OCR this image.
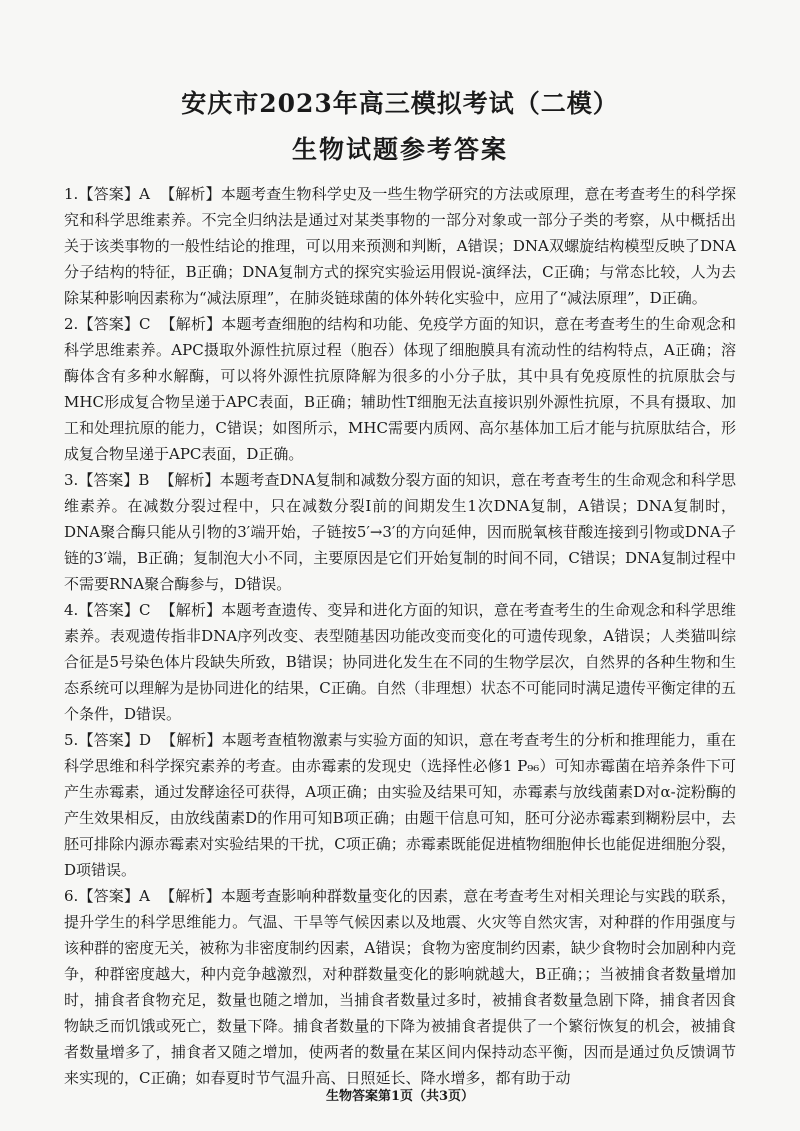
安庆市2023年高三模拟考试（二模）
生物试题参考答案

1.【答案】A 【解析】本题考查生物科学史及一些生物学研究的方法或原理，意在考查考生的科学探究和科学思维素养。不完全归纳法是通过对某类事物的一部分对象或一部分子类的考察，从中概括出关于该类事物的一般性结论的推理，可以用来预测和判断，A错误；DNA双螺旋结构模型反映了DNA分子结构的特征，B正确；DNA复制方式的探究实验运用假说-演绎法，C正确；与常态比较，人为去除某种影响因素称为“减法原理”，在肺炎链球菌的体外转化实验中，应用了“减法原理”，D正确。

2.【答案】C 【解析】本题考查细胞的结构和功能、免疫学方面的知识，意在考查考生的生命观念和科学思维素养。APC摄取外源性抗原过程（胞吞）体现了细胞膜具有流动性的结构特点，A正确；溶酶体含有多种水解酶，可以将外源性抗原降解为很多的小分子肽，其中具有免疫原性的抗原肽会与MHC形成复合物呈递于APC表面，B正确；辅助性T细胞无法直接识别外源性抗原，不具有摄取、加工和处理抗原的能力，C错误；如图所示，MHC需要内质网、高尔基体加工后才能与抗原肽结合，形成复合物呈递于APC表面，D正确。

3.【答案】B 【解析】本题考查DNA复制和减数分裂方面的知识，意在考查考生的生命观念和科学思维素养。在减数分裂过程中，只在减数分裂Ⅰ前的间期发生1次DNA复制，A错误；DNA复制时，DNA聚合酶只能从引物的3′端开始，子链按5′→3′的方向延伸，因而脱氧核苷酸连接到引物或DNA子链的3′端，B正确；复制泡大小不同，主要原因是它们开始复制的时间不同，C错误；DNA复制过程中不需要RNA聚合酶参与，D错误。

4.【答案】C 【解析】本题考查遗传、变异和进化方面的知识，意在考查考生的生命观念和科学思维素养。表观遗传指非DNA序列改变、表型随基因功能改变而变化的可遗传现象，A错误；人类猫叫综合征是5号染色体片段缺失所致，B错误；协同进化发生在不同的生物学层次，自然界的各种生物和生态系统可以理解为是协同进化的结果，C正确。自然（非理想）状态不可能同时满足遗传平衡定律的五个条件，D错误。

5.【答案】D 【解析】本题考查植物激素与实验方面的知识，意在考查考生的分析和推理能力，重在科学思维和科学探究素养的考查。由赤霉素的发现史（选择性必修1 P₉₆）可知赤霉菌在培养条件下可产生赤霉素，通过发酵途径可获得，A项正确；由实验及结果可知，赤霉素与放线菌素D对α-淀粉酶的产生效果相反，由放线菌素D的作用可知B项正确；由题干信息可知，胚可分泌赤霉素到糊粉层中，去胚可排除内源赤霉素对实验结果的干扰，C项正确；赤霉素既能促进植物细胞伸长也能促进细胞分裂，D项错误。

6.【答案】A 【解析】本题考查影响种群数量变化的因素，意在考查考生对相关理论与实践的联系，提升学生的科学思维能力。气温、干旱等气候因素以及地震、火灾等自然灾害，对种群的作用强度与该种群的密度无关，被称为非密度制约因素，A错误；食物为密度制约因素，缺少食物时会加剧种内竞争，种群密度越大，种内竞争越激烈，对种群数量变化的影响就越大，B正确；；当被捕食者数量增加时，捕食者食物充足，数量也随之增加，当捕食者数量过多时，被捕食者数量急剧下降，捕食者因食物缺乏而饥饿或死亡，数量下降。捕食者数量的下降为被捕食者提供了一个繁衍恢复的机会，被捕食者数量增多了，捕食者又随之增加，使两者的数量在某区间内保持动态平衡，因而是通过负反馈调节来实现的，C正确；如春夏时节气温升高、日照延长、降水增多，都有助于动

生物答案第1页（共3页）
